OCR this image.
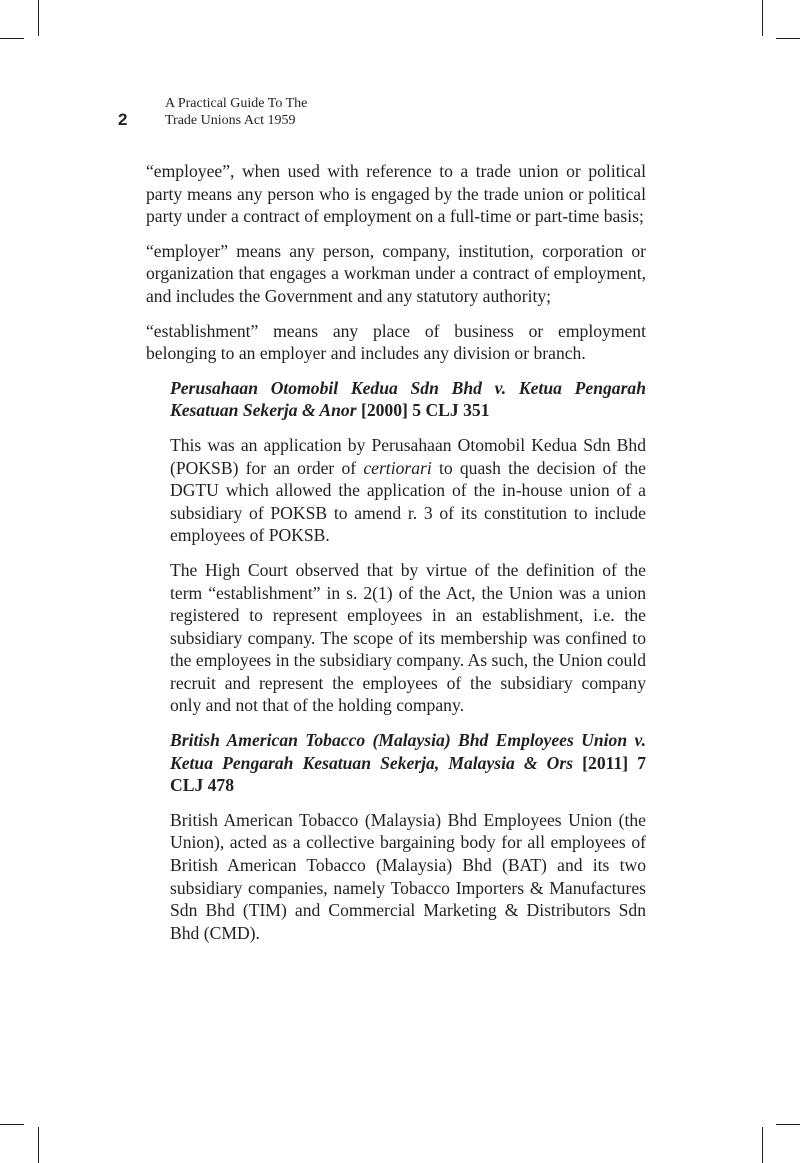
2
A Practical Guide To The
Trade Unions Act 1959

“employee”, when used with reference to a trade union or political party means any person who is engaged by the trade union or political party under a contract of employment on a full-time or part-time basis;

“employer” means any person, company, institution, corporation or organization that engages a workman under a contract of employment, and includes the Government and any statutory authority;

“establishment” means any place of business or employment belonging to an employer and includes any division or branch.

Perusahaan Otomobil Kedua Sdn Bhd v. Ketua Pengarah Kesatuan Sekerja & Anor [2000] 5 CLJ 351

This was an application by Perusahaan Otomobil Kedua Sdn Bhd (POKSB) for an order of certiorari to quash the decision of the DGTU which allowed the application of the in-house union of a subsidiary of POKSB to amend r. 3 of its constitution to include employees of POKSB.

The High Court observed that by virtue of the definition of the term “establishment” in s. 2(1) of the Act, the Union was a union registered to represent employees in an establishment, i.e. the subsidiary company. The scope of its membership was confined to the employees in the subsidiary company. As such, the Union could recruit and represent the employees of the subsidiary company only and not that of the holding company.

British American Tobacco (Malaysia) Bhd Employees Union v. Ketua Pengarah Kesatuan Sekerja, Malaysia & Ors [2011] 7 CLJ 478

British American Tobacco (Malaysia) Bhd Employees Union (the Union), acted as a collective bargaining body for all employees of British American Tobacco (Malaysia) Bhd (BAT) and its two subsidiary companies, namely Tobacco Importers & Manufactures Sdn Bhd (TIM) and Commercial Marketing & Distributors Sdn Bhd (CMD).
